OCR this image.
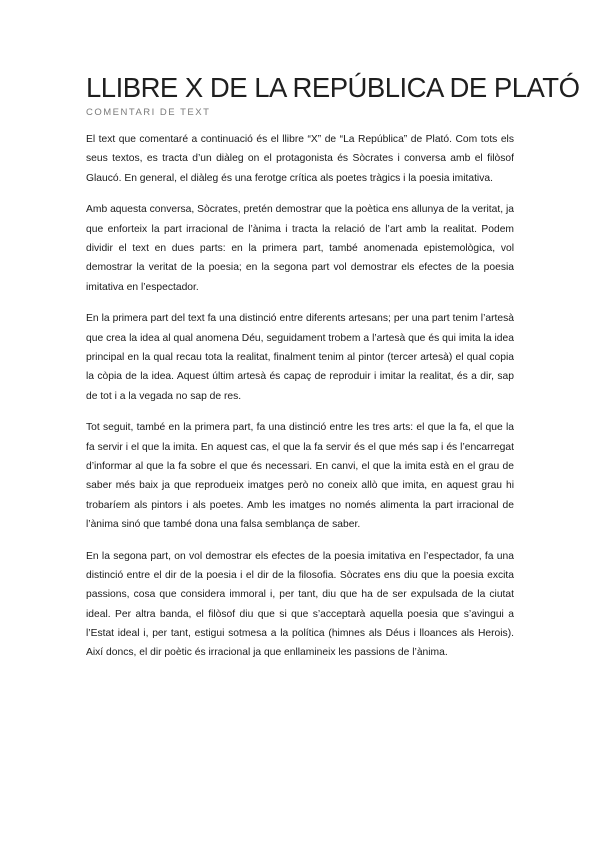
LLIBRE X DE LA REPÚBLICA DE PLATÓ
COMENTARI DE TEXT

El text que comentaré a continuació és el llibre “X” de “La República” de Plató. Com tots els seus textos, es tracta d’un diàleg on el protagonista és Sòcrates i conversa amb el filòsof Glaucó. En general, el diàleg és una ferotge crítica als poetes tràgics i la poesia imitativa.

Amb aquesta conversa, Sòcrates, pretén demostrar que la poètica ens allunya de la veritat, ja que enforteix la part irracional de l’ànima i tracta la relació de l’art amb la realitat. Podem dividir el text en dues parts: en la primera part, també anomenada epistemològica, vol demostrar la veritat de la poesia; en la segona part vol demostrar els efectes de la poesia imitativa en l’espectador.

En la primera part del text fa una distinció entre diferents artesans; per una part tenim l’artesà que crea la idea al qual anomena Déu, seguidament trobem a l’artesà que és qui imita la idea principal en la qual recau tota la realitat, finalment tenim al pintor (tercer artesà) el qual copia la còpia de la idea. Aquest últim artesà és capaç de reproduir i imitar la realitat, és a dir, sap de tot i a la vegada no sap de res.

Tot seguit, també en la primera part, fa una distinció entre les tres arts: el que la fa, el que la fa servir i el que la imita. En aquest cas, el que la fa servir és el que més sap i és l’encarregat d’informar al que la fa sobre el que és necessari. En canvi, el que la imita està en el grau de saber més baix ja que reprodueix imatges però no coneix allò que imita, en aquest grau hi trobaríem als pintors i als poetes. Amb les imatges no només alimenta la part irracional de l’ànima sinó que també dona una falsa semblança de saber.

En la segona part, on vol demostrar els efectes de la poesia imitativa en l’espectador, fa una distinció entre el dir de la poesia i el dir de la filosofia. Sòcrates ens diu que la poesia excita passions, cosa que considera immoral i, per tant, diu que ha de ser expulsada de la ciutat ideal. Per altra banda, el filòsof diu que si que s’acceptarà aquella poesia que s’avingui a l’Estat ideal i, per tant, estigui sotmesa a la política (himnes als Déus i lloances als Herois). Així doncs, el dir poètic és irracional ja que enllamineix les passions de l’ànima.
